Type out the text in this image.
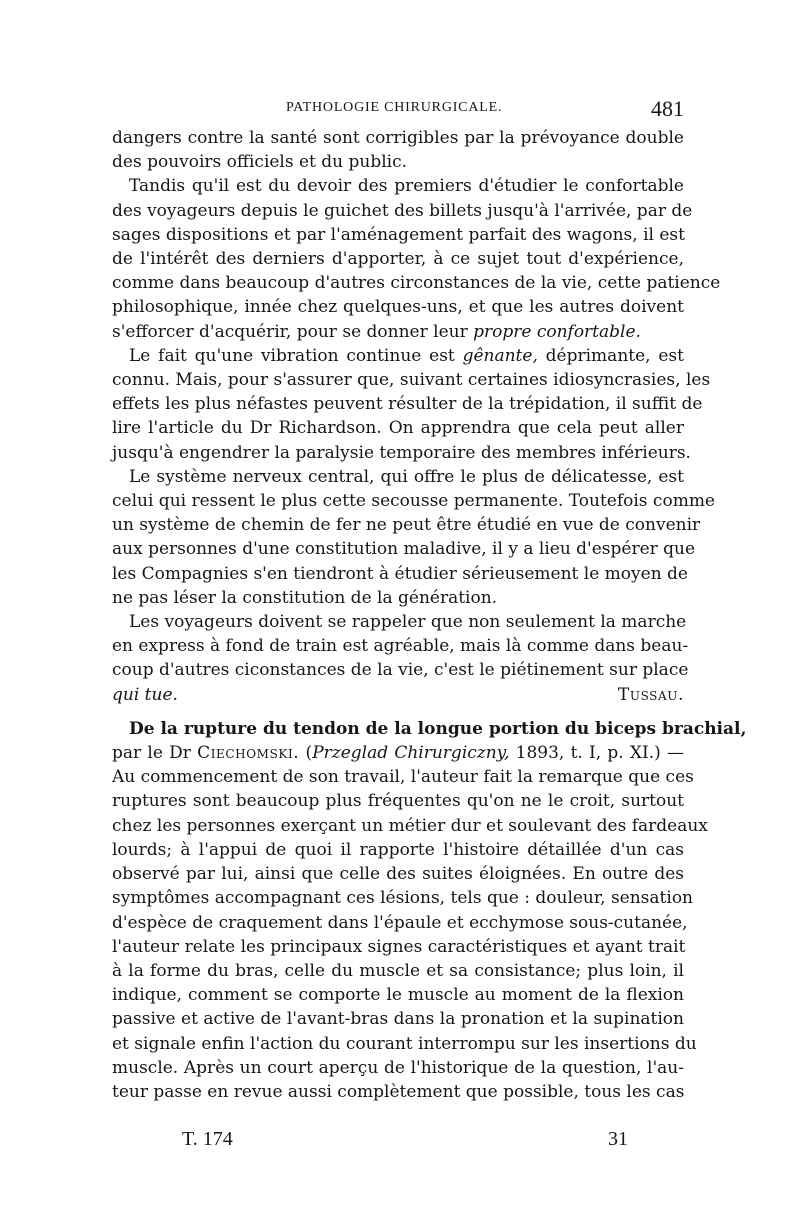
PATHOLOGIE CHIRURGICALE.	481

dangers contre la santé sont corrigibles par la prévoyance double
des pouvoirs officiels et du public.

Tandis qu'il est du devoir des premiers d'étudier le confortable
des voyageurs depuis le guichet des billets jusqu'à l'arrivée, par de
sages dispositions et par l'aménagement parfait des wagons, il est
de l'intérêt des derniers d'apporter, à ce sujet tout d'expérience,
comme dans beaucoup d'autres circonstances de la vie, cette patience
philosophique, innée chez quelques-uns, et que les autres doivent
s'efforcer d'acquérir, pour se donner leur propre confortable.

Le fait qu'une vibration continue est gênante, déprimante, est
connu. Mais, pour s'assurer que, suivant certaines idiosyncrasies, les
effets les plus néfastes peuvent résulter de la trépidation, il suffit de
lire l'article du Dr Richardson. On apprendra que cela peut aller
jusqu'à engendrer la paralysie temporaire des membres inférieurs.

Le système nerveux central, qui offre le plus de délicatesse, est
celui qui ressent le plus cette secousse permanente. Toutefois comme
un système de chemin de fer ne peut être étudié en vue de convenir
aux personnes d'une constitution maladive, il y a lieu d'espérer que
les Compagnies s'en tiendront à étudier sérieusement le moyen de
ne pas léser la constitution de la génération.

Les voyageurs doivent se rappeler que non seulement la marche
en express à fond de train est agréable, mais là comme dans beau-
coup d'autres ciconstances de la vie, c'est le piétinement sur place

qui tue.	Tussau.

De la rupture du tendon de la longue portion du biceps brachial,
par le Dr Ciechomski. (Przeglad Chirurgiczny, 1893, t. I, p. XI.) —
Au commencement de son travail, l'auteur fait la remarque que ces
ruptures sont beaucoup plus fréquentes qu'on ne le croit, surtout
chez les personnes exerçant un métier dur et soulevant des fardeaux
lourds; à l'appui de quoi il rapporte l'histoire détaillée d'un cas
observé par lui, ainsi que celle des suites éloignées. En outre des
symptômes accompagnant ces lésions, tels que : douleur, sensation
d'espèce de craquement dans l'épaule et ecchymose sous-cutanée,
l'auteur relate les principaux signes caractéristiques et ayant trait
à la forme du bras, celle du muscle et sa consistance; plus loin, il
indique, comment se comporte le muscle au moment de la flexion
passive et active de l'avant-bras dans la pronation et la supination
et signale enfin l'action du courant interrompu sur les insertions du
muscle. Après un court aperçu de l'historique de la question, l'au-
teur passe en revue aussi complètement que possible, tous les cas

T. 174	31
